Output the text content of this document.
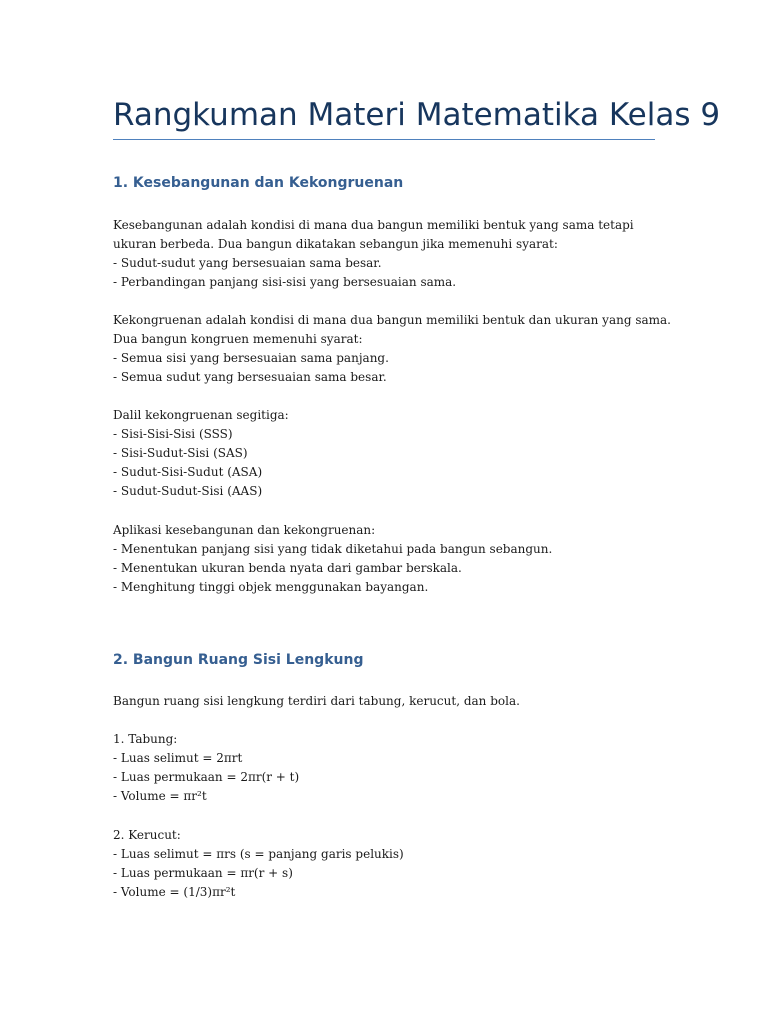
Rangkuman Materi Matematika Kelas 9
1. Kesebangunan dan Kekongruenan

Kesebangunan adalah kondisi di mana dua bangun memiliki bentuk yang sama tetapi
ukuran berbeda. Dua bangun dikatakan sebangun jika memenuhi syarat:
- Sudut-sudut yang bersesuaian sama besar.
- Perbandingan panjang sisi-sisi yang bersesuaian sama.

Kekongruenan adalah kondisi di mana dua bangun memiliki bentuk dan ukuran yang sama.
Dua bangun kongruen memenuhi syarat:
- Semua sisi yang bersesuaian sama panjang.
- Semua sudut yang bersesuaian sama besar.

Dalil kekongruenan segitiga:
- Sisi-Sisi-Sisi (SSS)
- Sisi-Sudut-Sisi (SAS)
- Sudut-Sisi-Sudut (ASA)
- Sudut-Sudut-Sisi (AAS)

Aplikasi kesebangunan dan kekongruenan:
- Menentukan panjang sisi yang tidak diketahui pada bangun sebangun.
- Menentukan ukuran benda nyata dari gambar berskala.
- Menghitung tinggi objek menggunakan bayangan.

2. Bangun Ruang Sisi Lengkung

Bangun ruang sisi lengkung terdiri dari tabung, kerucut, dan bola.

1. Tabung:
- Luas selimut = 2πrt
- Luas permukaan = 2πr(r + t)
- Volume = πr²t

2. Kerucut:
- Luas selimut = πrs (s = panjang garis pelukis)
- Luas permukaan = πr(r + s)
- Volume = (1/3)πr²t
